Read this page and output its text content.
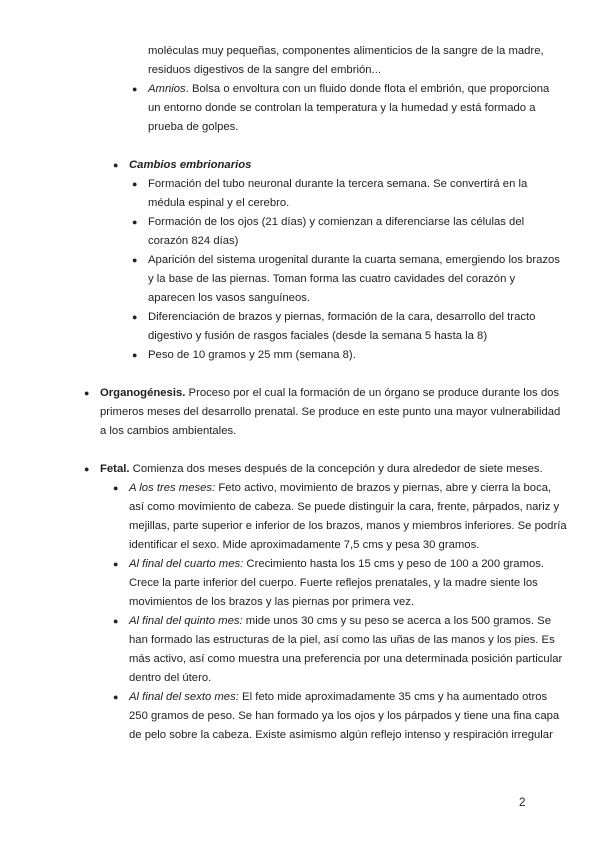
moléculas muy pequeñas, componentes alimenticios de la sangre de la madre,
residuos digestivos de la sangre del embrión...
● Amnios. Bolsa o envoltura con un fluido donde flota el embrión, que proporciona
un entorno donde se controlan la temperatura y la humedad y está formado a
prueba de golpes.
● Cambios embrionarios
● Formación del tubo neuronal durante la tercera semana. Se convertirá en la
médula espinal y el cerebro.
● Formación de los ojos (21 días) y comienzan a diferenciarse las células del
corazón 824 días)
● Aparición del sistema urogenital durante la cuarta semana, emergiendo los brazos
y la base de las piernas. Toman forma las cuatro cavidades del corazón y
aparecen los vasos sanguíneos.
● Diferenciación de brazos y piernas, formación de la cara, desarrollo del tracto
digestivo y fusión de rasgos faciales (desde la semana 5 hasta la 8)
● Peso de 10 gramos y 25 mm (semana 8).
● Organogénesis. Proceso por el cual la formación de un órgano se produce durante los dos
primeros meses del desarrollo prenatal. Se produce en este punto una mayor vulnerabilidad
a los cambios ambientales.
● Fetal. Comienza dos meses después de la concepción y dura alrededor de siete meses.
● A los tres meses: Feto activo, movimiento de brazos y piernas, abre y cierra la boca,
así como movimiento de cabeza. Se puede distinguir la cara, frente, párpados, nariz y
mejillas, parte superior e inferior de los brazos, manos y miembros inferiores. Se podría
identificar el sexo. Mide aproximadamente 7,5 cms y pesa 30 gramos.
● Al final del cuarto mes: Crecimiento hasta los 15 cms y peso de 100 a 200 gramos.
Crece la parte inferior del cuerpo. Fuerte reflejos prenatales, y la madre siente los
movimientos de los brazos y las piernas por primera vez.
● Al final del quinto mes: mide unos 30 cms y su peso se acerca a los 500 gramos. Se
han formado las estructuras de la piel, así como las uñas de las manos y los pies. Es
más activo, así como muestra una preferencia por una determinada posición particular
dentro del útero.
● Al final del sexto mes: El feto mide aproximadamente 35 cms y ha aumentado otros
250 gramos de peso. Se han formado ya los ojos y los párpados y tiene una fina capa
de pelo sobre la cabeza. Existe asimismo algún reflejo intenso y respiración irregular
2
